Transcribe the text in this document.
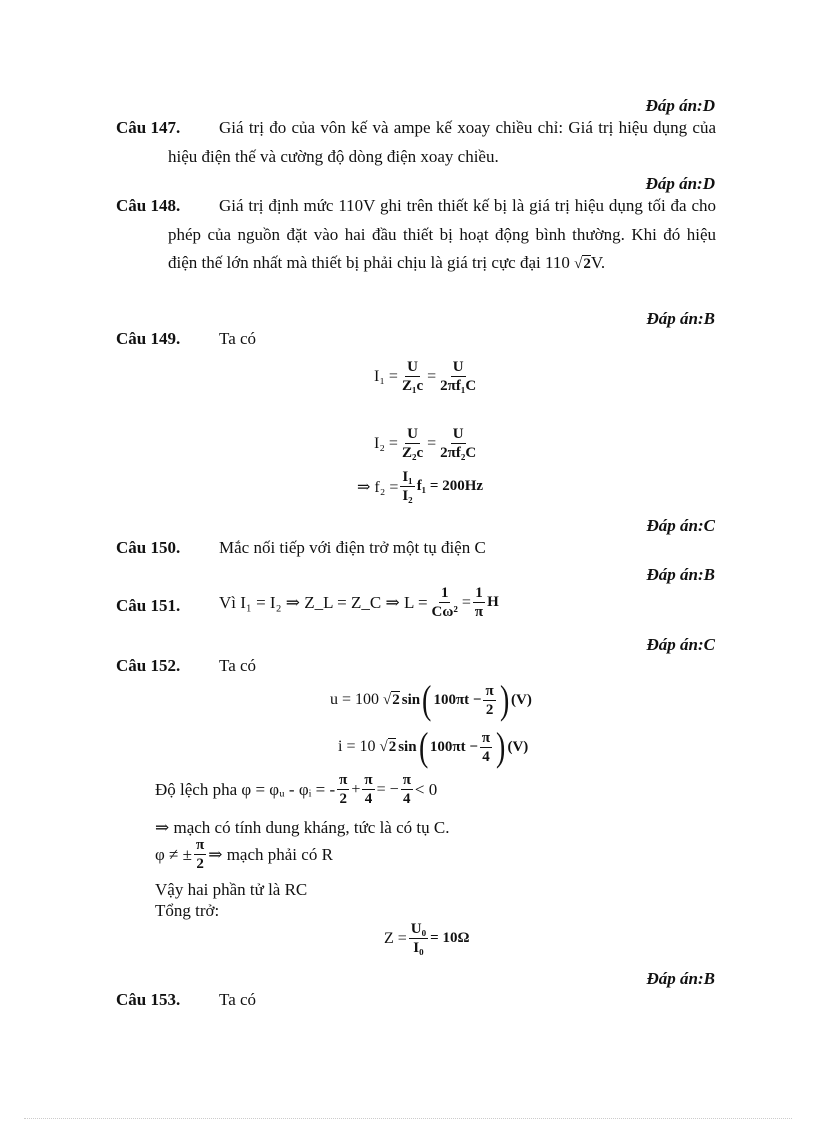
Đáp án:D
Câu 147.	Giá trị đo của vôn kế và ampe kế xoay chiều chỉ: Giá trị hiệu dụng của hiệu điện thế và cường độ dòng điện xoay chiều.
Đáp án:D
Câu 148.	Giá trị định mức 110V ghi trên thiết kế bị là giá trị hiệu dụng tối đa cho phép của nguồn đặt vào hai đầu thiết bị hoạt động bình thường. Khi đó hiệu điện thế lớn nhất mà thiết bị phải chịu là giá trị cực đại 110 √2V.
Đáp án:B
Câu 149. Ta có
$I_1 = \frac{U}{\text{Z₁c}} = \frac{U}{\text{2πf₁C}}$
$I_2 = \frac{U}{\text{Z₂c}} = \frac{U}{\text{2πf₂C}}$
⇒ $f_2 = \frac{\text{I₁}}{\text{I₂}} f_1 = 200Hz$
Đáp án:C
Câu 150. Mắc nối tiếp với điện trở một tụ điện C
Đáp án:B
Câu 151. Vì I₁ = I₂ ⇒ Z_L = Z_C ⇒ $L = \frac{1}{\text{Cω²}} = \frac{1}{\pi}$ H
Đáp án:C
Câu 152. Ta có
u = 100 √2 sin ( $100\pi t - \frac{\pi}{2}$ ) (V)
i = 10 √2 sin ( $100\pi t - \frac{\pi}{4}$ ) (V)
Độ lệch pha φ = φᵤ - φᵢ = - $\frac{\pi}{2} + \frac{\pi}{4}$ = − $\frac{\pi}{4} < 0$
⇒ mạch có tính dung kháng, tức là có tụ C.
φ ≠ ± $\frac{\pi}{2}$ ⇒ mạch phải có R
Vậy hai phần tử là RC
Tổng trở:
$Z = \frac{\text{U₀}}{\text{I₀}} = 10\Omega$
Đáp án:B
Câu 153. Ta có
